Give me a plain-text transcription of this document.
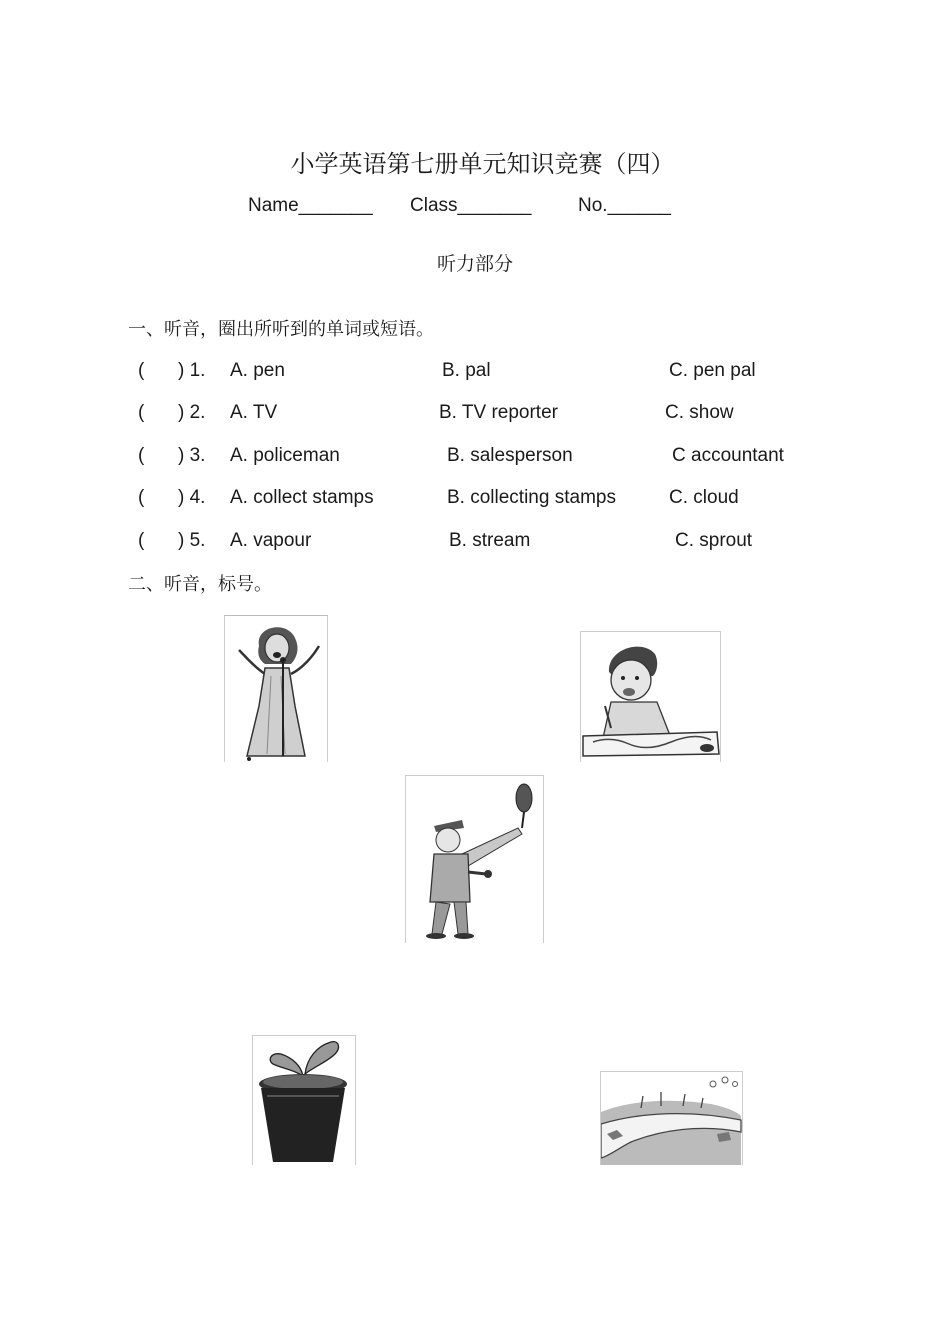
小学英语第七册单元知识竞赛（四）
Name_______ Class_______ No.______
听力部分
一、听音，圈出所听到的单词或短语。
( ) 1. A. pen	B. pal	C. pen pal
( ) 2. A. TV	B. TV reporter	C. show
( ) 3. A. policeman	B. salesperson	C accountant
( ) 4. A. collect stamps	B. collecting stamps	C. cloud
( ) 5. A. vapour	B. stream	C. sprout
二、听音，标号。
